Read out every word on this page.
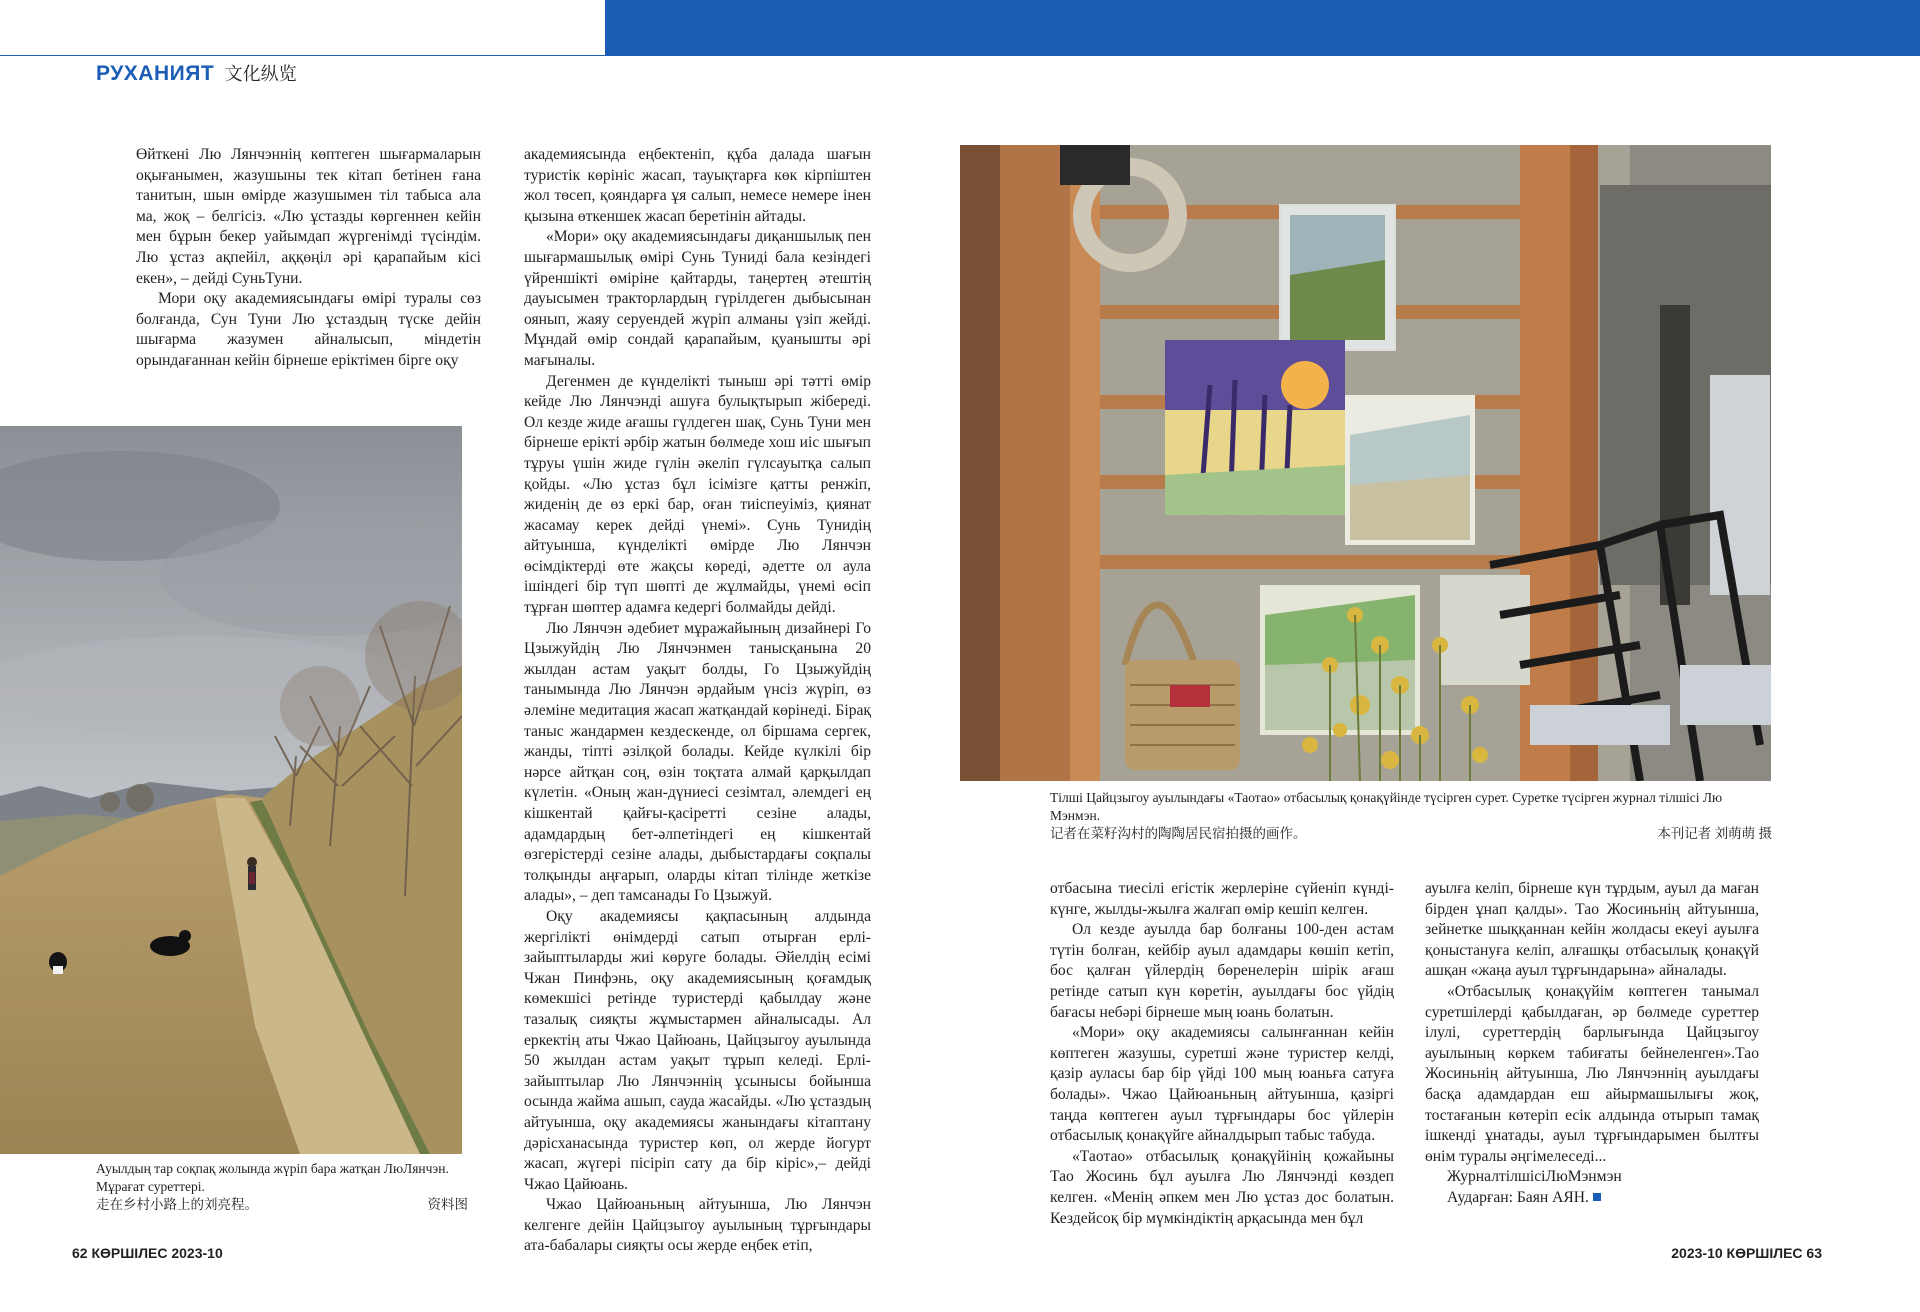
РУХАНИЯТ 文化纵览

Өйткені Лю Лянчэннің көптеген шығармаларын оқығанымен, жазушыны тек кітап бетінен ғана танитын, шын өмірде жазушымен тіл табыса ала ма, жоқ – белгісіз. «Лю ұстазды көргеннен кейін мен бұрын бекер уайымдап жүргенімді түсіндім. Лю ұстаз ақпейіл, аққөңіл әрі қарапайым кісі екен», – дейді СуньТуни.

Мори оқу академиясындағы өмірі туралы сөз болғанда, Сун Туни Лю ұстаздың түске дейін шығарма жазумен айналысып, міндетін орындағаннан кейін бірнеше еріктімен бірге оқу

академиясында еңбектеніп, құба далада шағын туристік көрініс жасап, тауықтарға көк кірпіштен жол төсеп, қояндарға ұя салып, немесе немере інен қызына өткеншек жасап беретінін айтады.

«Мори» оқу академиясындағы диқаншылық пен шығармашылық өмірі Сунь Туниді бала кезіндегі үйреншікті өміріне қайтарды, таңертең әтештің дауысымен тракторлардың гүрілдеген дыбысынан оянып, жаяу серуендей жүріп алманы үзіп жейді. Мұндай өмір сондай қарапайым, қуанышты әрі мағыналы.

Дегенмен де күнделікті тыныш әрі тәтті өмір кейде Лю Лянчэнді ашуға булықтырып жібереді. Ол кезде жиде ағашы гүлдеген шақ, Сунь Туни мен бірнеше ерікті әрбір жатын бөлмеде хош иіс шығып тұруы үшін жиде гүлін әкеліп гүлсауытқа салып қойды. «Лю ұстаз бұл ісімізге қатты ренжіп, жиденің де өз еркі бар, оған тиіспеуіміз, қиянат жасамау керек дейді үнемі». Сунь Тунидің айтуынша, күнделікті өмірде Лю Лянчэн өсімдіктерді өте жақсы көреді, әдетте ол аула ішіндегі бір түп шөпті де жұлмайды, үнемі өсіп тұрған шөптер адамға кедергі болмайды дейді.

Лю Лянчэн әдебиет мұражайының дизайнері Го Цзыжуйдің Лю Лянчэнмен танысқанына 20 жылдан астам уақыт болды, Го Цзыжуйдің танымында Лю Лянчэн әрдайым үнсіз жүріп, өз әлеміне медитация жасап жатқандай көрінеді. Бірақ таныс жандармен кездескенде, ол біршама сергек, жанды, тіпті әзілқой болады. Кейде күлкілі бір нәрсе айтқан соң, өзін тоқтата алмай қарқылдап күлетін. «Оның жан-дүниесі сезімтал, әлемдегі ең кішкентай қайғы-қасіретті сезіне алады, адамдардың бет-әлпетіндегі ең кішкентай өзгерістерді сезіне алады, дыбыстардағы соқпалы толқынды аңғарып, оларды кітап тілінде жеткізе алады», – деп тамсанады Го Цзыжуй.

Оқу академиясы қақпасының алдында жергілікті өнімдерді сатып отырған ерлі-зайыптыларды жиі көруге болады. Әйелдің есімі Чжан Пинфэнь, оқу академиясының қоғамдық көмекшісі ретінде туристерді қабылдау және тазалық сияқты жұмыстармен айналысады. Ал еркектің аты Чжао Цайюань, Цайцзыгоу ауылында 50 жылдан астам уақыт тұрып келеді. Ерлі-зайыптылар Лю Лянчэннің ұсынысы бойынша осында жайма ашып, сауда жасайды. «Лю ұстаздың айтуынша, оқу академиясы жанындағы кітаптану дәрісханасында туристер көп, ол жерде йогурт жасап, жүгері пісіріп сату да бір кіріс»,– дейді Чжао Цайюань.

Чжао Цайюаньның айтуынша, Лю Лянчэн келгенге дейін Цайцзыгоу ауылының тұрғындары ата-бабалары сияқты осы жерде еңбек етіп,

Ауылдың тар соқпақ жолында жүріп бара жатқан ЛюЛянчэн. Мұрағат суреттері.
走在乡村小路上的刘亮程。	资料图
Тілші Цайцзыгоу ауылындағы «Таотао» отбасылық қонақүйінде түсірген сурет. Суретке түсірген журнал тілшісі Лю Мэнмэн.
记者在菜籽沟村的陶陶居民宿拍摄的画作。	本刊记者 刘萌萌 摄

отбасына тиесілі егістік жерлеріне сүйеніп күнді-күнге, жылды-жылға жалғап өмір кешіп келген.

Ол кезде ауылда бар болғаны 100-ден астам түтін болған, кейбір ауыл адамдары көшіп кетіп, бос қалған үйлердің бөренелерін шірік ағаш ретінде сатып күн көретін, ауылдағы бос үйдің бағасы небәрі бірнеше мың юань болатын.

«Мори» оқу академиясы салынғаннан кейін көптеген жазушы, суретші және туристер келді, қазір ауласы бар бір үйді 100 мың юаньға сатуға болады». Чжао Цайюаньның айтуынша, қазіргі таңда көптеген ауыл тұрғындары бос үйлерін отбасылық қонақүйге айналдырып табыс табуда.

«Таотао» отбасылық қонақүйінің қожайыны Тао Жосинь бұл ауылға Лю Лянчэнді көздеп келген. «Менің әпкем мен Лю ұстаз дос болатын. Кездейсоқ бір мүмкіндіктің арқасында мен бұл

ауылға келіп, бірнеше күн тұрдым, ауыл да маған бірден ұнап қалды». Тао Жосиньнің айтуынша, зейнетке шыққаннан кейін жолдасы екеуі ауылға қоныстануға келіп, алғашқы отбасылық қонақүй ашқан «жаңа ауыл тұрғындарына» айналады.

«Отбасылық қонақүйім көптеген танымал суретшілерді қабылдаған, әр бөлмеде суреттер ілулі, суреттердің барлығында Цайцзыгоу ауылының көркем табиғаты бейнеленген».Тао Жосиньнің айтуынша, Лю Лянчэннің ауылдағы басқа адамдардан еш айырмашылығы жоқ, тостағанын көтеріп есік алдында отырып тамақ ішкенді ұнатады, ауыл тұрғындарымен былтғы өнім туралы әңгімелеседі...

ЖурналтілшісіЛюМэнмэн

Аударған: Баян АЯН.

62 КӨРШІЛЕС 2023-10	2023-10 КӨРШІЛЕС 63
